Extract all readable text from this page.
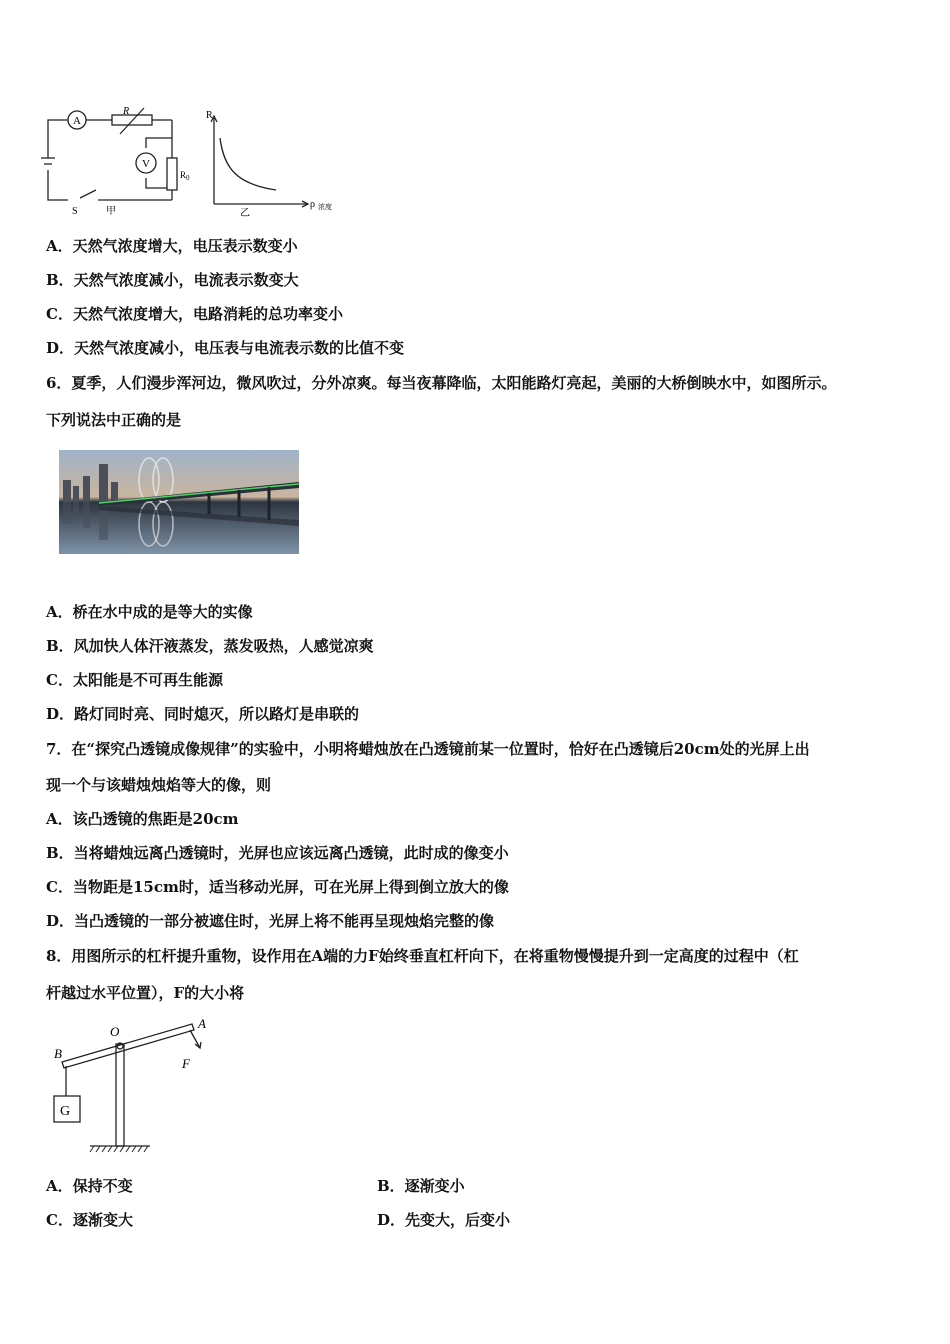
A
R
V
R 0
S	甲
R
ρ 浓度
乙
A．天然气浓度增大，电压表示数变小
B．天然气浓度减小，电流表示数变大
C．天然气浓度增大，电路消耗的总功率变小
D．天然气浓度减小，电压表与电流表示数的比值不变
6．夏季，人们漫步浑河边，微风吹过，分外凉爽。每当夜幕降临，太阳能路灯亮起，美丽的大桥倒映水中，如图所示。
下列说法中正确的是
A．桥在水中成的是等大的实像
B．风加快人体汗液蒸发，蒸发吸热，人感觉凉爽
C．太阳能是不可再生能源
D．路灯同时亮、同时熄灭，所以路灯是串联的
7．在“探究凸透镜成像规律”的实验中，小明将蜡烛放在凸透镜前某一位置时，恰好在凸透镜后20cm处的光屏上出
现一个与该蜡烛烛焰等大的像，则
A．该凸透镜的焦距是20cm
B．当将蜡烛远离凸透镜时，光屏也应该远离凸透镜，此时成的像变小
C．当物距是15cm时，适当移动光屏，可在光屏上得到倒立放大的像
D．当凸透镜的一部分被遮住时，光屏上将不能再呈现烛焰完整的像
8．用图所示的杠杆提升重物，设作用在A端的力F始终垂直杠杆向下，在将重物慢慢提升到一定高度的过程中（杠
杆越过水平位置），F的大小将
O
A
B
F
G
A．保持不变	B．逐渐变小
C．逐渐变大	D．先变大，后变小
